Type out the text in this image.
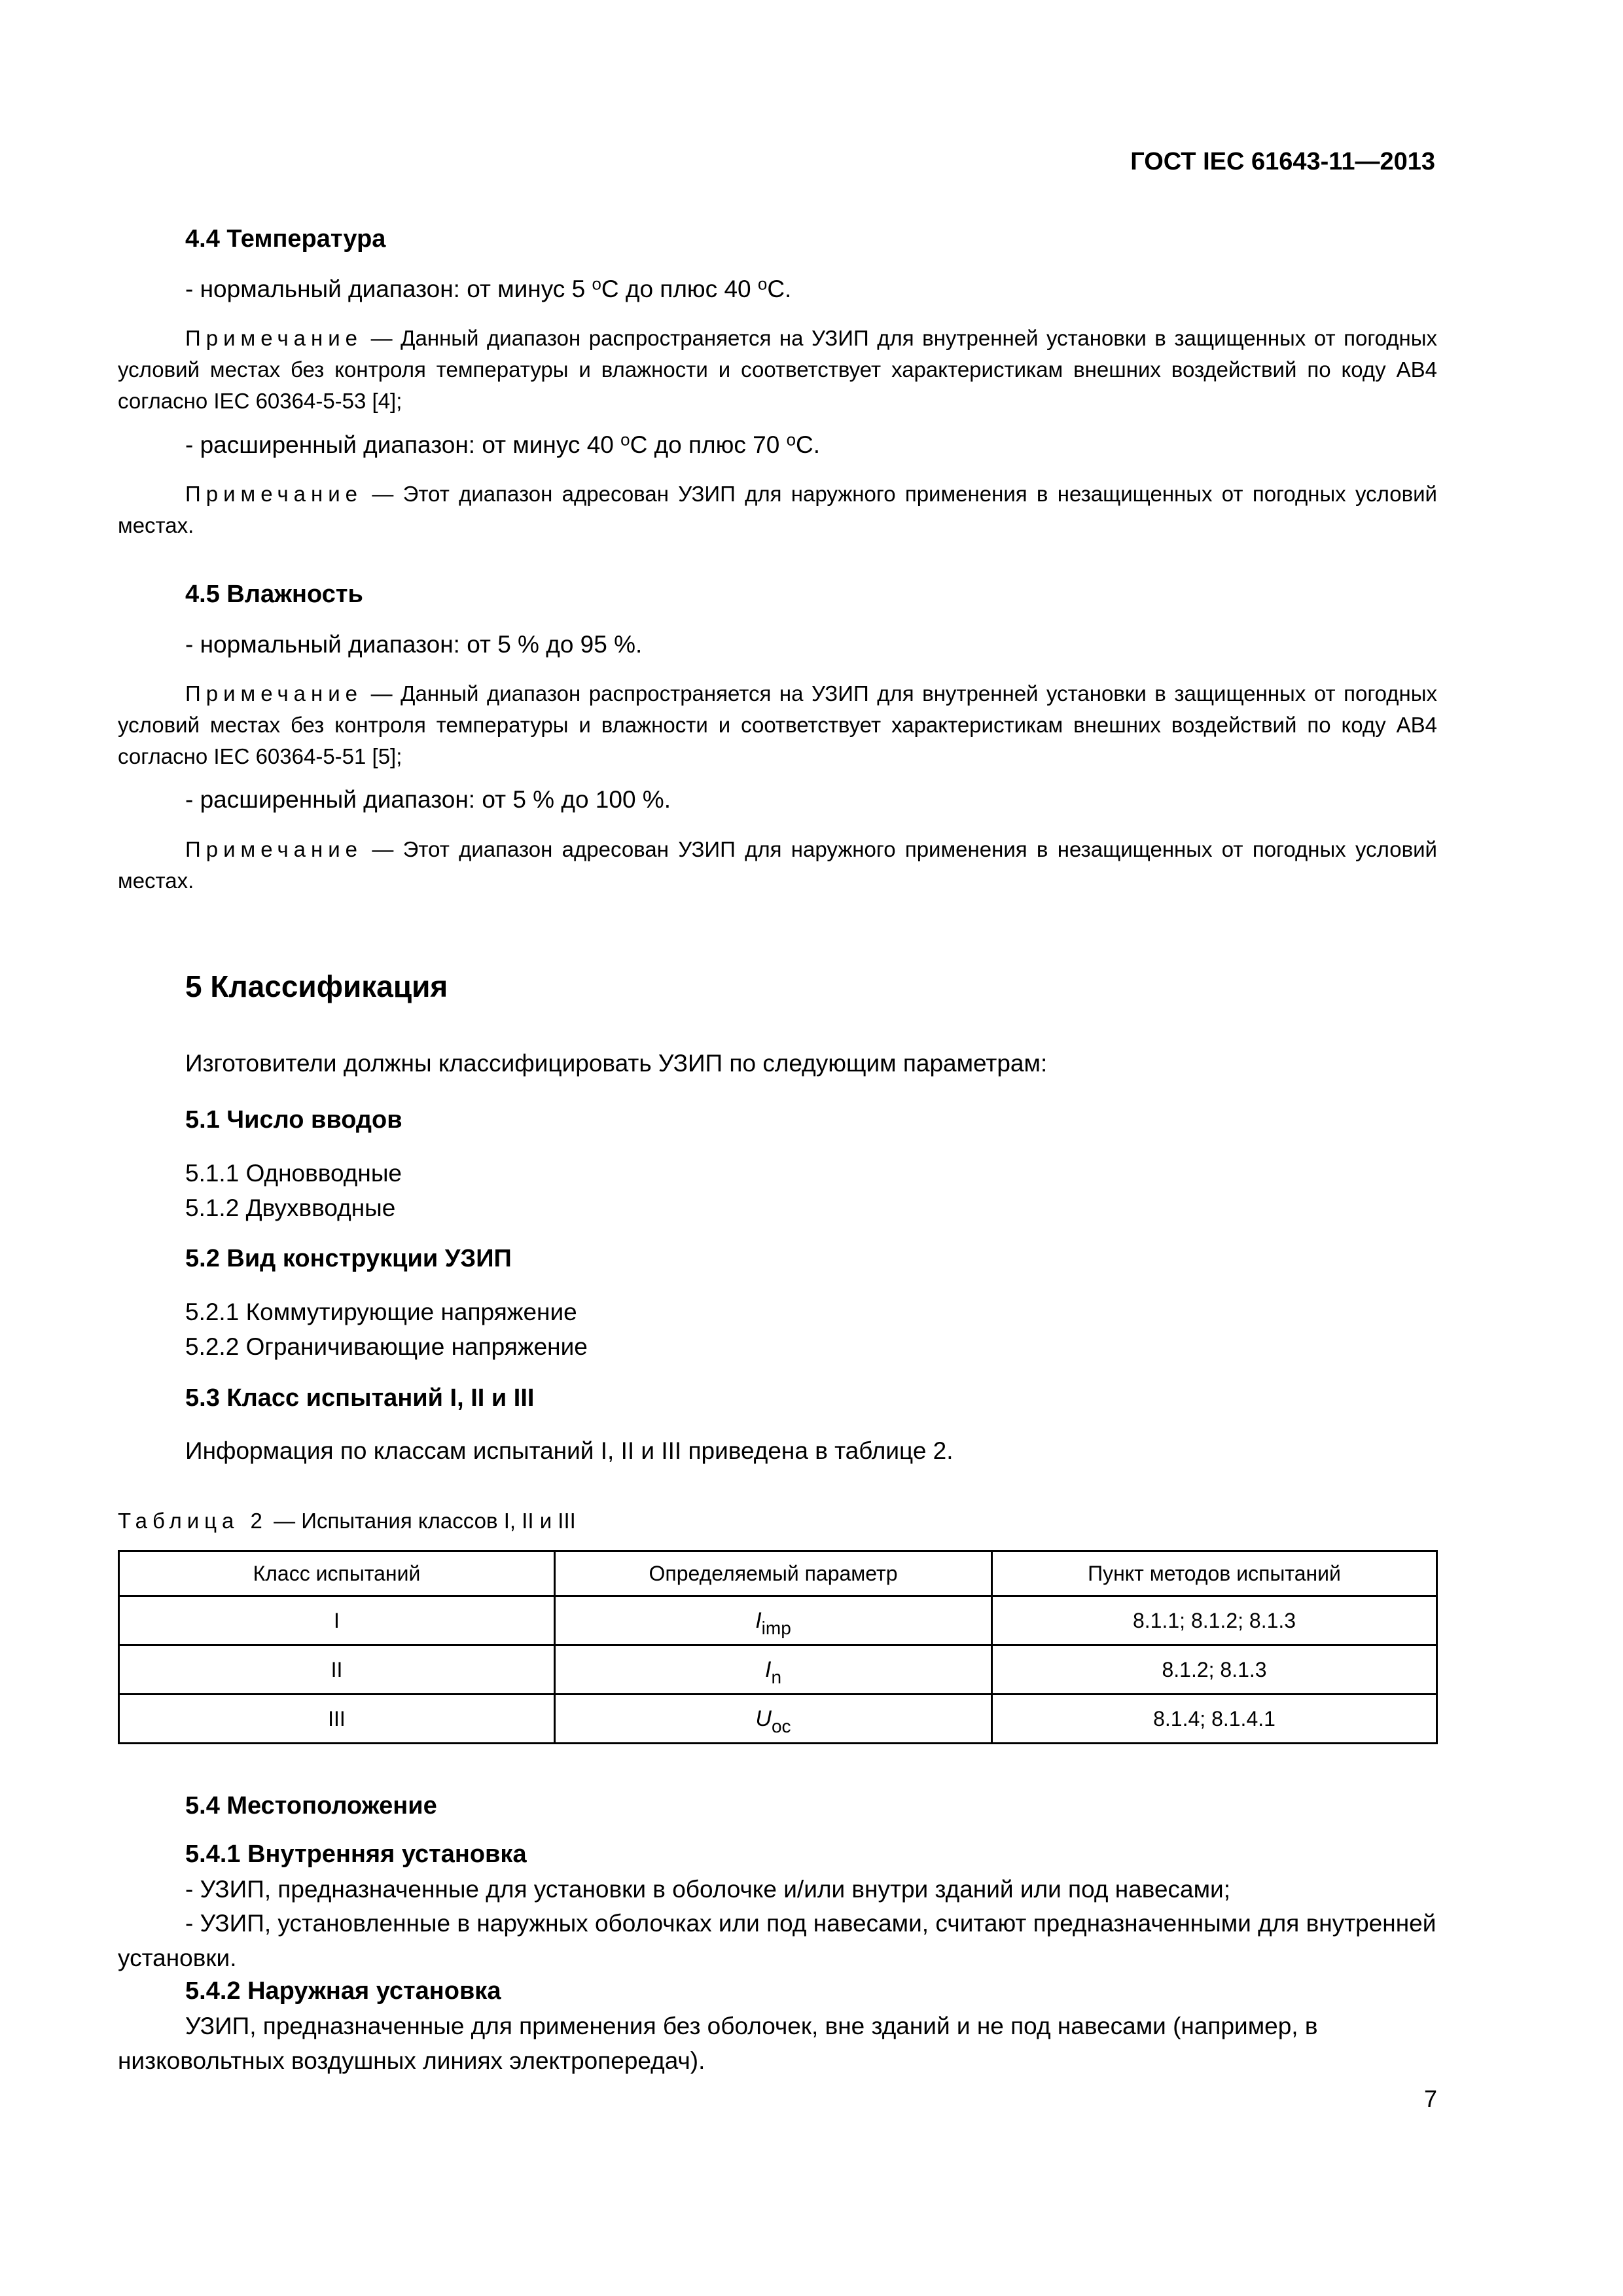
ГОСТ IEC 61643-11—2013
4.4 Температура
- нормальный диапазон: от минус 5 $^о$С до плюс 40 $^о$С.
Примечание — Данный диапазон распространяется на УЗИП для внутренней установки в защищенных от погодных условий местах без контроля температуры и влажности и соответствует характеристикам внешних воздействий по коду АВ4 согласно IEC 60364-5-53 [4];
- расширенный диапазон: от минус 40 $^о$С до плюс 70 $^о$С.
Примечание — Этот диапазон адресован УЗИП для наружного применения в незащищенных от погодных условий местах.
4.5 Влажность
- нормальный диапазон: от 5 % до 95 %.
Примечание — Данный диапазон распространяется на УЗИП для внутренней установки в защищенных от погодных условий местах без контроля температуры и влажности и соответствует характеристикам внешних воздействий по коду АВ4 согласно IEC 60364-5-51 [5];
- расширенный диапазон: от 5 % до 100 %.
Примечание — Этот диапазон адресован УЗИП для наружного применения в незащищенных от погодных условий местах.
5 Классификация
Изготовители должны классифицировать УЗИП по следующим параметрам:
5.1 Число вводов
5.1.1 Одновводные
5.1.2 Двухвводные
5.2 Вид конструкции УЗИП
5.2.1 Коммутирующие напряжение
5.2.2 Ограничивающие напряжение
5.3 Класс испытаний I, II и III
Информация по классам испытаний I, II и III приведена в таблице 2.
Таблица 2 — Испытания классов I, II и III
Класс испытаний	Определяемый параметр	Пункт методов испытаний
I	Iimp	8.1.1; 8.1.2; 8.1.3
II	In	8.1.2; 8.1.3
III	Uoc	8.1.4; 8.1.4.1
5.4 Местоположение
5.4.1 Внутренняя установка
- УЗИП, предназначенные для установки в оболочке и/или внутри зданий или под навесами;
- УЗИП, установленные в наружных оболочках или под навесами, считают предназначенными для внутренней установки.
5.4.2 Наружная установка
УЗИП, предназначенные для применения без оболочек, вне зданий и не под навесами (например, в низковольтных воздушных линиях электропередач).
7
